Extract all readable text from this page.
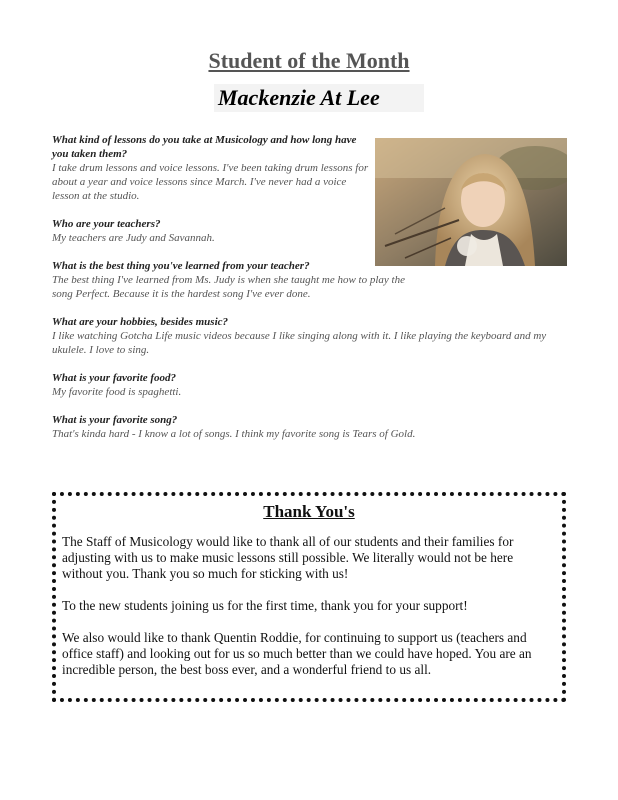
Student of the Month
Mackenzie At Lee
What kind of lessons do you take at Musicology and how long have you taken them?
I take drum lessons and voice lessons. I've been taking drum lessons for about a year and voice lessons since March. I've never had a voice lesson at the studio.
Who are your teachers?
My teachers are Judy and Savannah.
What is the best thing you've learned from your teacher?
The best thing I've learned from Ms. Judy is when she taught me how to play the song Perfect. Because it is the hardest song I've ever done.
What are your hobbies, besides music?
I like watching Gotcha Life music videos because I like singing along with it. I like playing the keyboard and my ukulele. I love to sing.
What is your favorite food?
My favorite food is spaghetti.
What is your favorite song?
That's kinda hard - I know a lot of songs. I think my favorite song is Tears of Gold.
Thank You's

The Staff of Musicology would like to thank all of our students and their families for adjusting with us to make music lessons still possible. We literally would not be here without you. Thank you so much for sticking with us!

To the new students joining us for the first time, thank you for your support!

We also would like to thank Quentin Roddie, for continuing to support us (teachers and office staff) and looking out for us so much better than we could have hoped. You are an incredible person, the best boss ever, and a wonderful friend to us all.
